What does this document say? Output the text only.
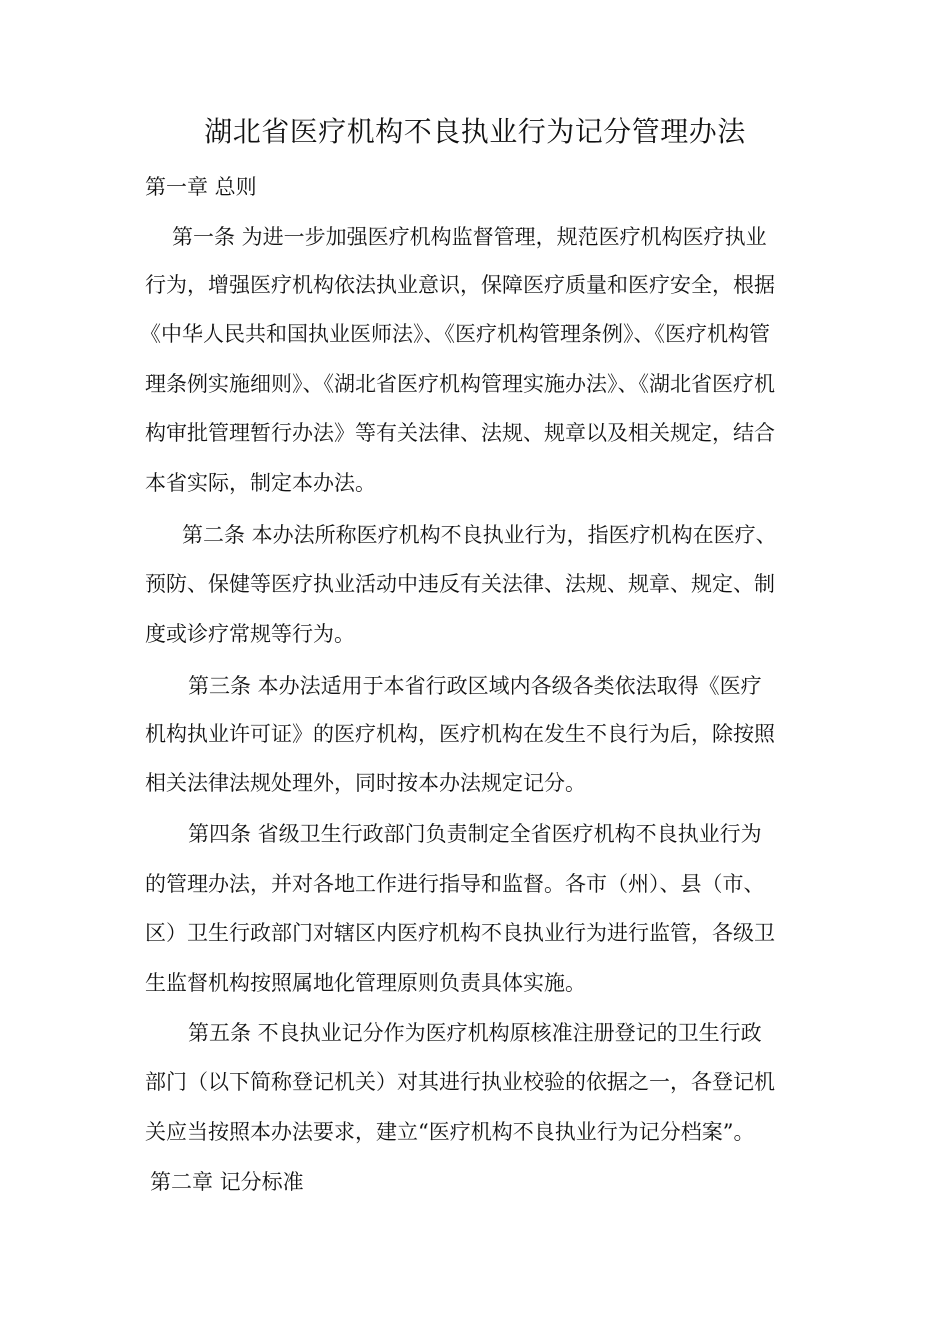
湖北省医疗机构不良执业行为记分管理办法
第一章 总则
第一条 为进一步加强医疗机构监督管理，规范医疗机构医疗执业
行为，增强医疗机构依法执业意识，保障医疗质量和医疗安全，根据
《中华人民共和国执业医师法》、《医疗机构管理条例》、《医疗机构管
理条例实施细则》、《湖北省医疗机构管理实施办法》、《湖北省医疗机
构审批管理暂行办法》等有关法律、法规、规章以及相关规定，结合
本省实际，制定本办法。
第二条 本办法所称医疗机构不良执业行为，指医疗机构在医疗、
预防、保健等医疗执业活动中违反有关法律、法规、规章、规定、制
度或诊疗常规等行为。
第三条 本办法适用于本省行政区域内各级各类依法取得《医疗
机构执业许可证》的医疗机构，医疗机构在发生不良行为后，除按照
相关法律法规处理外，同时按本办法规定记分。
第四条 省级卫生行政部门负责制定全省医疗机构不良执业行为
的管理办法，并对各地工作进行指导和监督。各市（州）、县（市、
区）卫生行政部门对辖区内医疗机构不良执业行为进行监管，各级卫
生监督机构按照属地化管理原则负责具体实施。
第五条 不良执业记分作为医疗机构原核准注册登记的卫生行政
部门（以下简称登记机关）对其进行执业校验的依据之一，各登记机
关应当按照本办法要求，建立“医疗机构不良执业行为记分档案”。
第二章 记分标准
